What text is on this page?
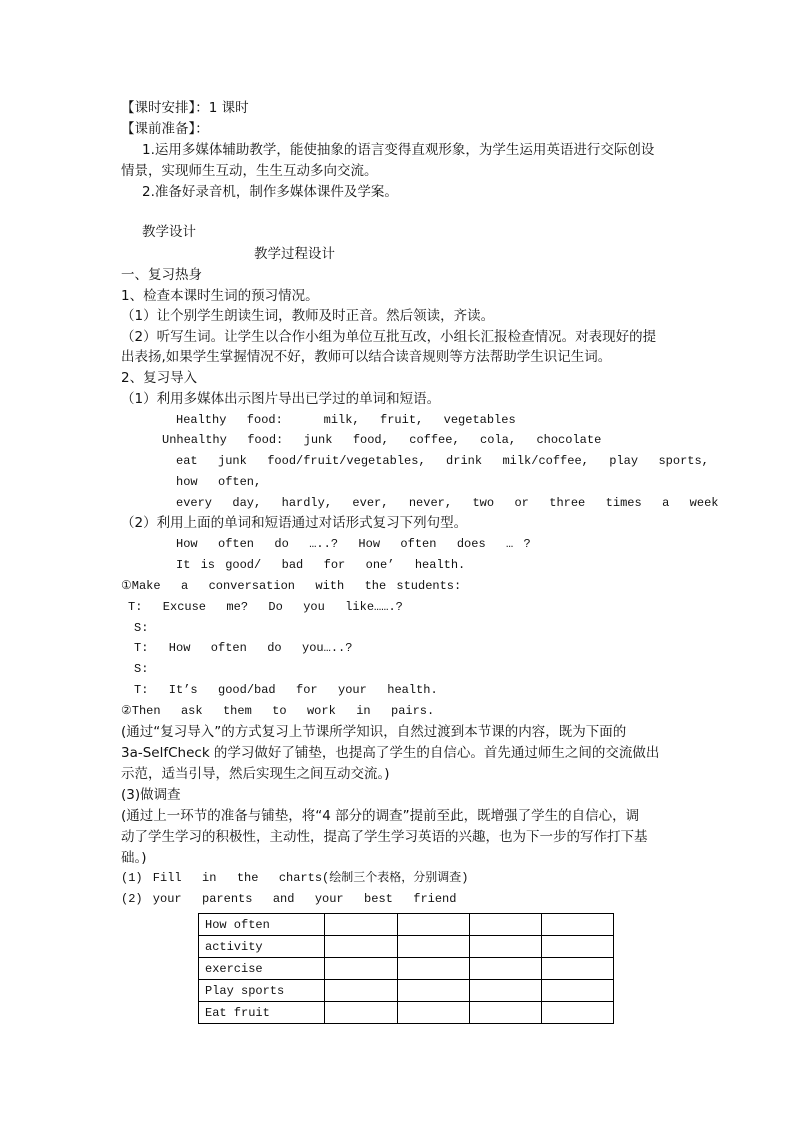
【课时安排】：1 课时
【课前准备】：
1.运用多媒体辅助教学，能使抽象的语言变得直观形象，为学生运用英语进行交际创设
情景，实现师生互动，生生互动多向交流。
2.准备好录音机，制作多媒体课件及学案。
教学设计
教学过程设计
一、复习热身
1、检查本课时生词的预习情况。
（1）让个别学生朗读生词，教师及时正音。然后领读，齐读。
（2）听写生词。让学生以合作小组为单位互批互改，小组长汇报检查情况。对表现好的提
出表扬,如果学生掌握情况不好，教师可以结合读音规则等方法帮助学生识记生词。
2、复习导入
（1）利用多媒体出示图片导出已学过的单词和短语。
Healthy  food:    milk,  fruit,  vegetables
Unhealthy  food:  junk  food,  coffee,  cola,  chocolate
eat  junk  food/fruit/vegetables,  drink  milk/coffee,  play  sports,
how  often,
every  day,  hardly,  ever,  never,  two  or  three  times  a  week
（2）利用上面的单词和短语通过对话形式复习下列句型。
How  often  do  …..?  How  often  does  … ?
It is good/  bad  for  one’  health.
①Make  a  conversation  with  the students:
T:  Excuse  me?  Do  you  like…….?
S:
T:  How  often  do  you…..?
S:
T:  It’s  good/bad  for  your  health.
②Then  ask  them  to  work  in  pairs.
(通过“复习导入”的方式复习上节课所学知识，自然过渡到本节课的内容，既为下面的
3a-SelfCheck 的学习做好了铺垫，也提高了学生的自信心。首先通过师生之间的交流做出
示范，适当引导，然后实现生之间互动交流。)
(3)做调查
(通过上一环节的准备与铺垫，将“4 部分的调查”提前至此，既增强了学生的自信心，调
动了学生学习的积极性，主动性，提高了学生学习英语的兴趣，也为下一步的写作打下基
础。)
(1) Fill  in  the  charts(绘制三个表格，分别调查)
(2) your  parents  and  your  best  friend
How often				
activity				
exercise				
Play sports				
Eat fruit				
